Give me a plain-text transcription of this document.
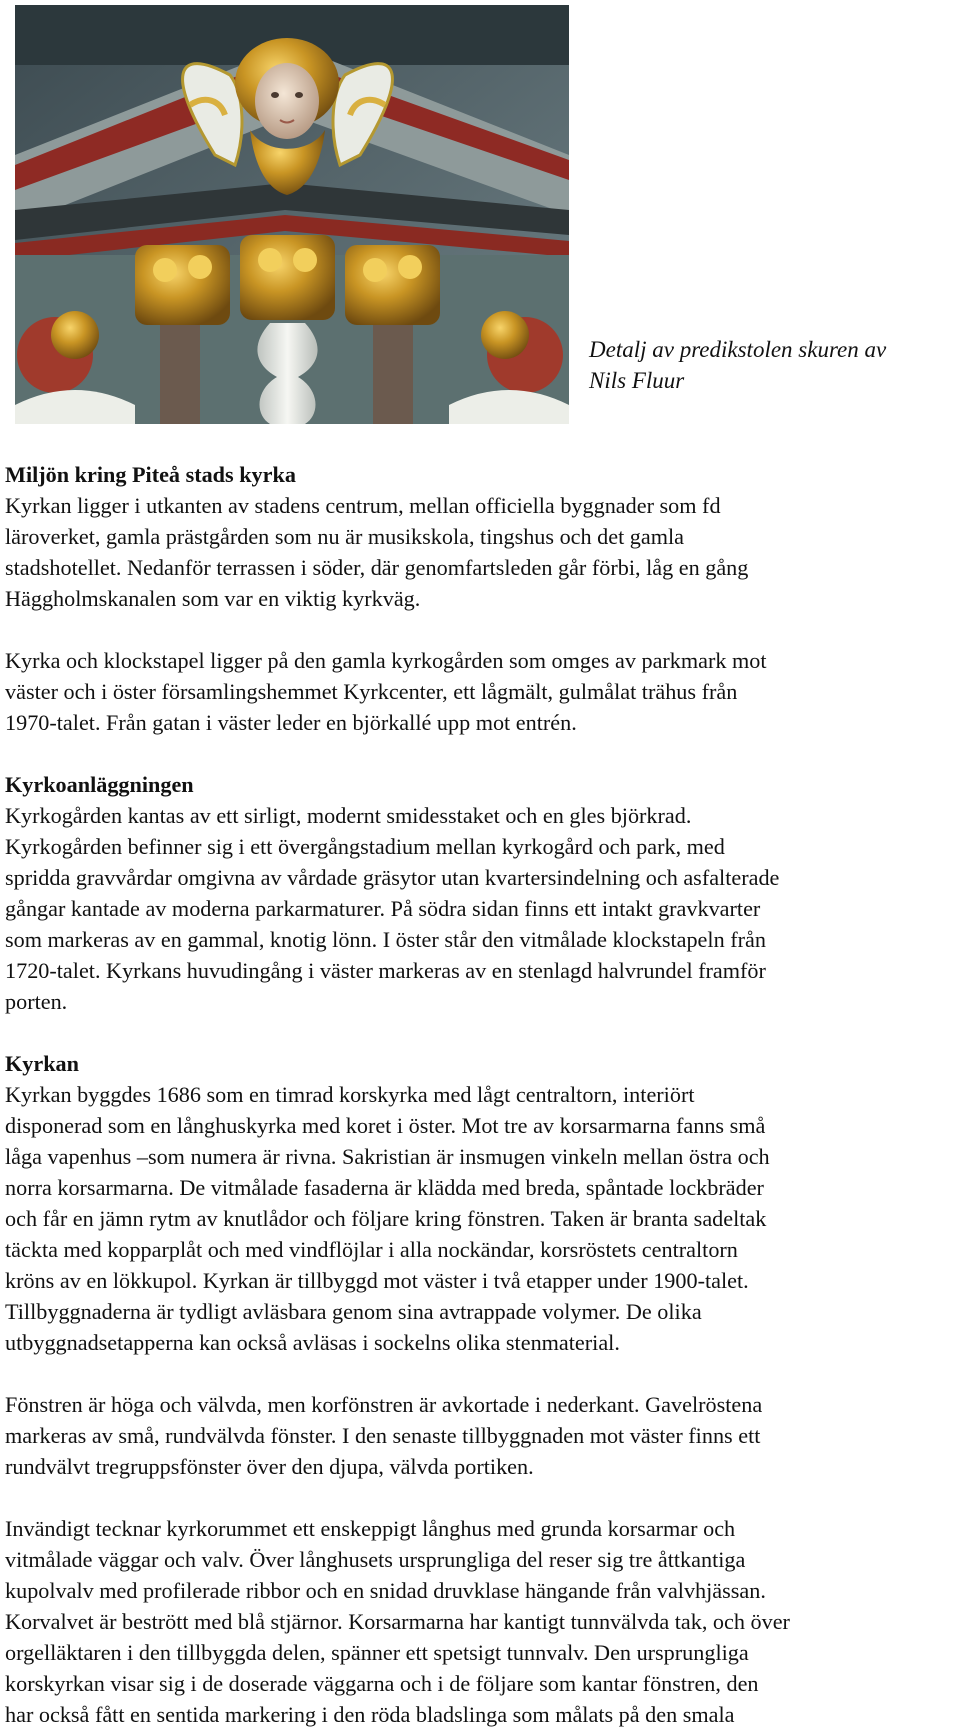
Detalj av predikstolen skuren av
Nils Fluur
Miljön kring Piteå stads kyrka
Kyrkan ligger i utkanten av stadens centrum, mellan officiella byggnader som fd
läroverket, gamla prästgården som nu är musikskola, tingshus och det gamla
stadshotellet. Nedanför terrassen i söder, där genomfartsleden går förbi, låg en gång
Häggholmskanalen som var en viktig kyrkväg.
Kyrka och klockstapel ligger på den gamla kyrkogården som omges av parkmark mot
väster och i öster församlingshemmet Kyrkcenter, ett lågmält, gulmålat trähus från
1970-talet. Från gatan i väster leder en björkallé upp mot entrén.
Kyrkoanläggningen
Kyrkogården kantas av ett sirligt, modernt smidesstaket och en gles björkrad.
Kyrkogården befinner sig i ett övergångstadium mellan kyrkogård och park, med
spridda gravvårdar omgivna av vårdade gräsytor utan kvartersindelning och asfalterade
gångar kantade av moderna parkarmaturer. På södra sidan finns ett intakt gravkvarter
som markeras av en gammal, knotig lönn. I öster står den vitmålade klockstapeln från
1720-talet. Kyrkans huvudingång i väster markeras av en stenlagd halvrundel framför
porten.
Kyrkan
Kyrkan byggdes 1686 som en timrad korskyrka med lågt centraltorn, interiört
disponerad som en långhuskyrka med koret i öster. Mot tre av korsarmarna fanns små
låga vapenhus –som numera är rivna. Sakristian är insmugen vinkeln mellan östra och
norra korsarmarna. De vitmålade fasaderna är klädda med breda, spåntade lockbräder
och får en jämn rytm av knutlådor och följare kring fönstren. Taken är branta sadeltak
täckta med kopparplåt och med vindflöjlar i alla nockändar, korsröstets centraltorn
kröns av en lökkupol. Kyrkan är tillbyggd mot väster i två etapper under 1900-talet.
Tillbyggnaderna är tydligt avläsbara genom sina avtrappade volymer. De olika
utbyggnadsetapperna kan också avläsas i sockelns olika stenmaterial.
Fönstren är höga och välvda, men korfönstren är avkortade i nederkant. Gavelröstena
markeras av små, rundvälvda fönster. I den senaste tillbyggnaden mot väster finns ett
rundvälvt tregruppsfönster över den djupa, välvda portiken.
Invändigt tecknar kyrkorummet ett enskeppigt långhus med grunda korsarmar och
vitmålade väggar och valv. Över långhusets ursprungliga del reser sig tre åttkantiga
kupolvalv med profilerade ribbor och en snidad druvklase hängande från valvhjässan.
Korvalvet är bestrött med blå stjärnor. Korsarmarna har kantigt tunnvälvda tak, och över
orgelläktaren i den tillbyggda delen, spänner ett spetsigt tunnvalv. Den ursprungliga
korskyrkan visar sig i de doserade väggarna och i de följare som kantar fönstren, den
har också fått en sentida markering i den röda bladslinga som målats på den smala
